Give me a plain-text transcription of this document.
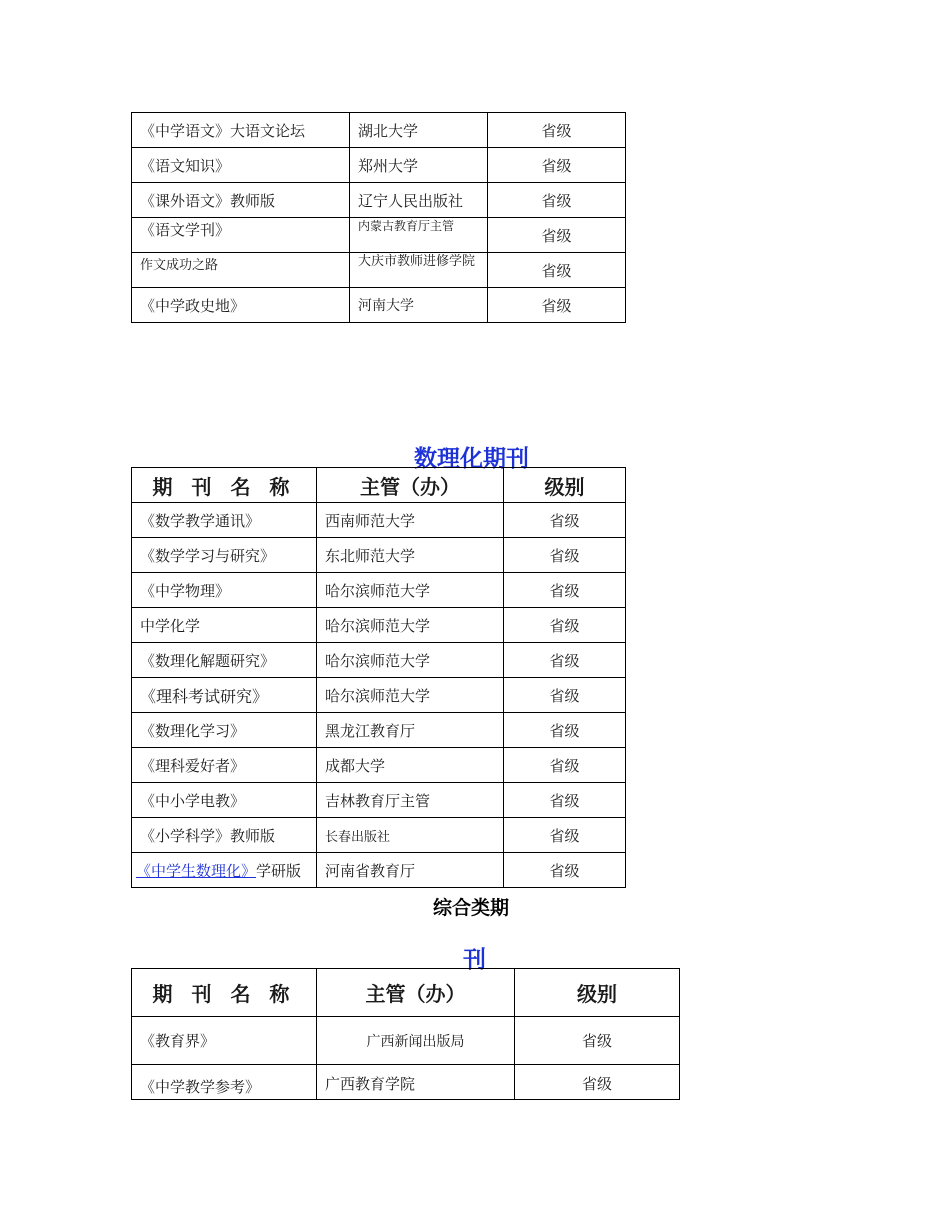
《中学语文》大语文论坛	湖北大学	省级
《语文知识》	郑州大学	省级
《课外语文》教师版	辽宁人民出版社	省级
《语文学刊》	内蒙古教育厅主管	省级
作文成功之路	大庆市教师进修学院	省级
《中学政史地》	河南大学	省级
数理化期刊
期 刊 名 称	主管（办）	级别
《数学教学通讯》	西南师范大学	省级
《数学学习与研究》	东北师范大学	省级
《中学物理》	哈尔滨师范大学	省级
中学化学	哈尔滨师范大学	省级
《数理化解题研究》	哈尔滨师范大学	省级
《理科考试研究》	哈尔滨师范大学	省级
《数理化学习》	黑龙江教育厅	省级
《理科爱好者》	成都大学	省级
《中小学电教》	吉林教育厅主管	省级
《小学科学》教师版	长春出版社	省级
《中学生数理化》学研版	河南省教育厅	省级
综合类期
刊
期 刊 名 称	主管（办）	级别
《教育界》	广西新闻出版局	省级
《中学教学参考》	广西教育学院	省级
